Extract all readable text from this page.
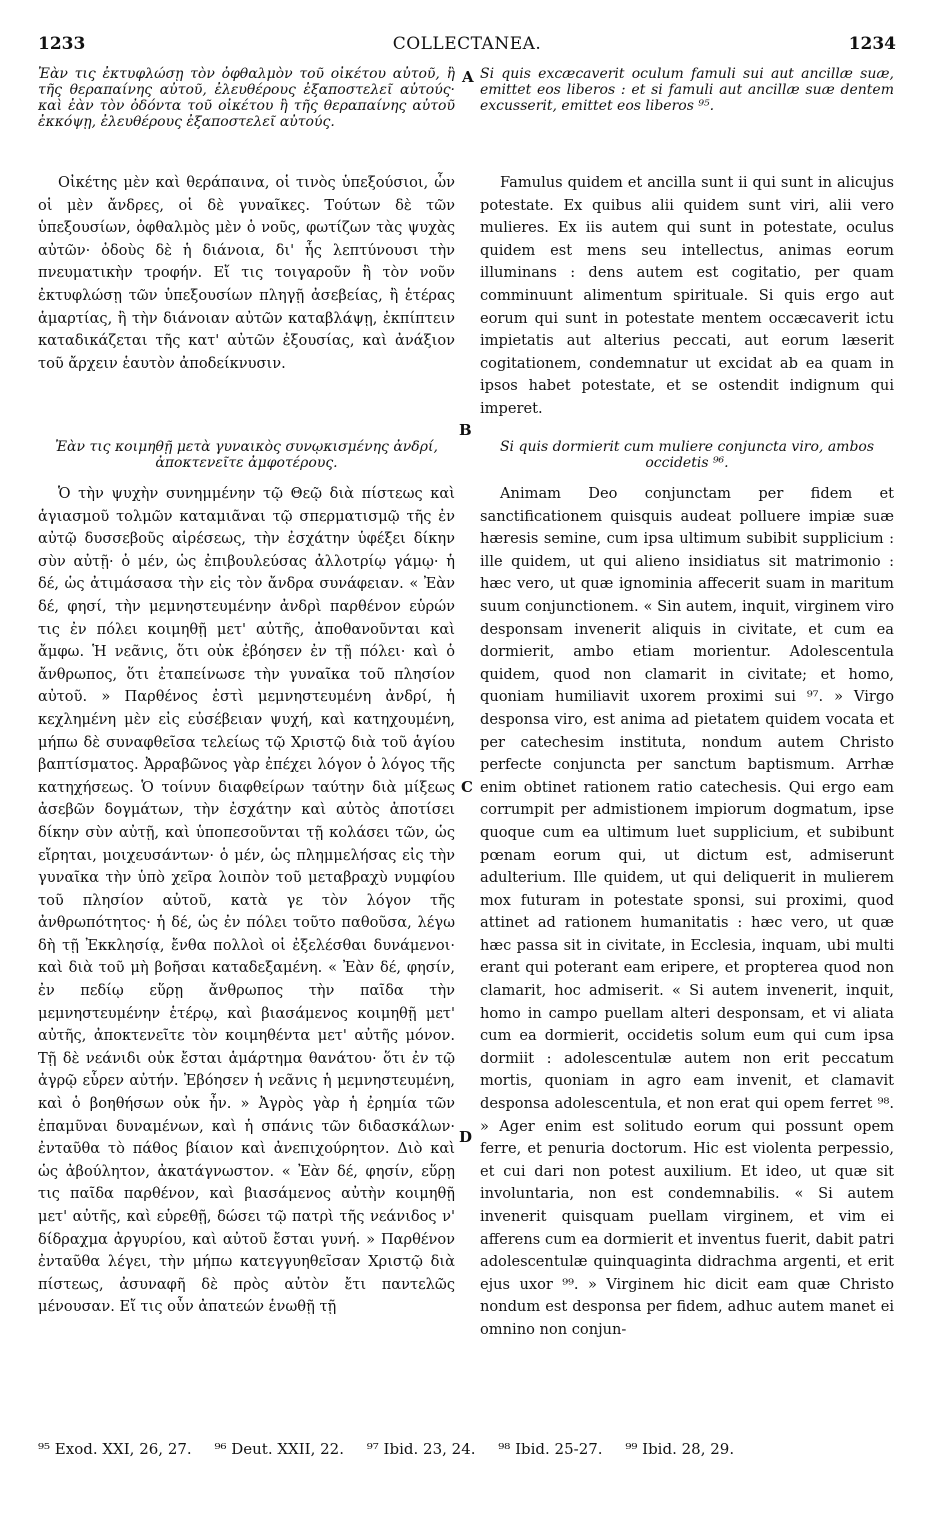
1233	COLLECTANEA.	1234

Ἐὰν τις ἐκτυφλώσῃ τὸν ὀφθαλμὸν τοῦ οἰκέτου αὐτοῦ, ἢ τῆς θεραπαίνης αὐτοῦ, ἐλευθέρους ἐξαποστελεῖ αὐτούς· καὶ ἐὰν τὸν ὀδόντα τοῦ οἰκέτου ἢ τῆς θεραπαίνης αὐτοῦ ἐκκόψῃ, ἐλευθέρους ἐξαποστελεῖ αὐτούς.

Οἰκέτης μὲν καὶ θεράπαινα, οἱ τινὸς ὑπεξούσιοι, ὧν οἱ μὲν ἄνδρες, οἱ δὲ γυναῖκες. Τούτων δὲ τῶν ὑπεξουσίων, ὀφθαλμὸς μὲν ὁ νοῦς, φωτίζων τὰς ψυχὰς αὐτῶν· ὀδοὺς δὲ ἡ διάνοια, δι' ἧς λεπτύνουσι τὴν πνευματικὴν τροφήν. Εἴ τις τοιγαροῦν ἢ τὸν νοῦν ἐκτυφλώσῃ τῶν ὑπεξουσίων πληγῇ ἀσεβείας, ἢ ἑτέρας ἁμαρτίας, ἢ τὴν διάνοιαν αὐτῶν καταβλάψῃ, ἐκπίπτειν καταδικάζεται τῆς κατ' αὐτῶν ἐξουσίας, καὶ ἀνάξιον τοῦ ἄρχειν ἑαυτὸν ἀποδείκνυσιν.

Ἐὰν τις κοιμηθῇ μετὰ γυναικὸς συνῳκισμένης ἀνδρί, ἀποκτενεῖτε ἀμφοτέρους.

Ὁ τὴν ψυχὴν συνημμένην τῷ Θεῷ διὰ πίστεως καὶ ἁγιασμοῦ τολμῶν καταμιᾶναι τῷ σπερματισμῷ τῆς ἐν αὐτῷ δυσσεβοῦς αἱρέσεως, τὴν ἐσχάτην ὑφέξει δίκην σὺν αὐτῇ· ὁ μέν, ὡς ἐπιβουλεύσας ἀλλοτρίῳ γάμῳ· ἡ δέ, ὡς ἀτιμάσασα τὴν εἰς τὸν ἄνδρα συνάφειαν. « Ἐὰν δέ, φησί, τὴν μεμνηστευμένην ἀνδρὶ παρθένον εὑρών τις ἐν πόλει κοιμηθῇ μετ' αὐτῆς, ἀποθανοῦνται καὶ ἄμφω. Ἡ νεᾶνις, ὅτι οὐκ ἐβόησεν ἐν τῇ πόλει· καὶ ὁ ἄνθρωπος, ὅτι ἐταπείνωσε τὴν γυναῖκα τοῦ πλησίον αὐτοῦ. » Παρθένος ἐστὶ μεμνηστευμένη ἀνδρί, ἡ κεχλημένη μὲν εἰς εὐσέβειαν ψυχή, καὶ κατηχουμένη, μήπω δὲ συναφθεῖσα τελείως τῷ Χριστῷ διὰ τοῦ ἁγίου βαπτίσματος. Ἀρραβῶνος γὰρ ἐπέχει λόγον ὁ λόγος τῆς κατηχήσεως. Ὁ τοίνυν διαφθείρων ταύτην διὰ μίξεως ἀσεβῶν δογμάτων, τὴν ἐσχάτην καὶ αὐτὸς ἀποτίσει δίκην σὺν αὐτῇ, καὶ ὑποπεσοῦνται τῇ κολάσει τῶν, ὡς εἴρηται, μοιχευσάντων· ὁ μέν, ὡς πλημμελήσας εἰς τὴν γυναῖκα τὴν ὑπὸ χεῖρα λοιπὸν τοῦ μεταβραχὺ νυμφίου τοῦ πλησίον αὐτοῦ, κατὰ γε τὸν λόγον τῆς ἀνθρωπότητος· ἡ δέ, ὡς ἐν πόλει τοῦτο παθοῦσα, λέγω δὴ τῇ Ἐκκλησίᾳ, ἔνθα πολλοὶ οἱ ἐξελέσθαι δυνάμενοι· καὶ διὰ τοῦ μὴ βοῆσαι καταδεξαμένη. « Ἐὰν δέ, φησίν, ἐν πεδίῳ εὕρῃ ἄνθρωπος τὴν παῖδα τὴν μεμνηστευμένην ἑτέρῳ, καὶ βιασάμενος κοιμηθῇ μετ' αὐτῆς, ἀποκτενεῖτε τὸν κοιμηθέντα μετ' αὐτῆς μόνον. Τῇ δὲ νεάνιδι οὐκ ἔσται ἁμάρτημα θανάτου· ὅτι ἐν τῷ ἀγρῷ εὗρεν αὐτήν. Ἐβόησεν ἡ νεᾶνις ἡ μεμνηστευμένη, καὶ ὁ βοηθήσων οὐκ ἦν. » Ἀγρὸς γὰρ ἡ ἐρημία τῶν ἐπαμῦναι δυναμένων, καὶ ἡ σπάνις τῶν διδασκάλων· ἐνταῦθα τὸ πάθος βίαιον καὶ ἀνεπιχούρητον. Διὸ καὶ ὡς ἀβούλητον, ἀκατάγνωστον. « Ἐὰν δέ, φησίν, εὕρῃ τις παῖδα παρθένον, καὶ βιασάμενος αὐτὴν κοιμηθῇ μετ' αὐτῆς, καὶ εὑρεθῇ, δώσει τῷ πατρὶ τῆς νεάνιδος ν' δίδραχμα ἀργυρίου, καὶ αὐτοῦ ἔσται γυνή. » Παρθένον ἐνταῦθα λέγει, τὴν μήπω κατεγγυηθεῖσαν Χριστῷ διὰ πίστεως, ἀσυναφῆ δὲ πρὸς αὐτὸν ἔτι παντελῶς μένουσαν. Εἴ τις οὖν ἀπατεών ἑνωθῇ τῇ

A
B
C
D

Si quis excæcaverit oculum famuli sui aut ancillæ suæ, emittet eos liberos : et si famuli aut ancillæ suæ dentem excusserit, emittet eos liberos ⁹⁵.

Famulus quidem et ancilla sunt ii qui sunt in alicujus potestate. Ex quibus alii quidem sunt viri, alii vero mulieres. Ex iis autem qui sunt in potestate, oculus quidem est mens seu intellectus, animas eorum illuminans : dens autem est cogitatio, per quam comminuunt alimentum spirituale. Si quis ergo aut eorum qui sunt in potestate mentem occæcaverit ictu impietatis aut alterius peccati, aut eorum læserit cogitationem, condemnatur ut excidat ab ea quam in ipsos habet potestate, et se ostendit indignum qui imperet.

Si quis dormierit cum muliere conjuncta viro, ambos occidetis ⁹⁶.

Animam Deo conjunctam per fidem et sanctificationem quisquis audeat polluere impiæ suæ hæresis semine, cum ipsa ultimum subibit supplicium : ille quidem, ut qui alieno insidiatus sit matrimonio : hæc vero, ut quæ ignominia affecerit suam in maritum suum conjunctionem. « Sin autem, inquit, virginem viro desponsam invenerit aliquis in civitate, et cum ea dormierit, ambo etiam morientur. Adolescentula quidem, quod non clamarit in civitate; et homo, quoniam humiliavit uxorem proximi sui ⁹⁷. » Virgo desponsa viro, est anima ad pietatem quidem vocata et per catechesim instituta, nondum autem Christo perfecte conjuncta per sanctum baptismum. Arrhæ enim obtinet rationem ratio catechesis. Qui ergo eam corrumpit per admistionem impiorum dogmatum, ipse quoque cum ea ultimum luet supplicium, et subibunt pœnam eorum qui, ut dictum est, admiserunt adulterium. Ille quidem, ut qui deliquerit in mulierem mox futuram in potestate sponsi, sui proximi, quod attinet ad rationem humanitatis : hæc vero, ut quæ hæc passa sit in civitate, in Ecclesia, inquam, ubi multi erant qui poterant eam eripere, et propterea quod non clamarit, hoc admiserit. « Si autem invenerit, inquit, homo in campo puellam alteri desponsam, et vi aliata cum ea dormierit, occidetis solum eum qui cum ipsa dormiit : adolescentulæ autem non erit peccatum mortis, quoniam in agro eam invenit, et clamavit desponsa adolescentula, et non erat qui opem ferret ⁹⁸. » Ager enim est solitudo eorum qui possunt opem ferre, et penuria doctorum. Hic est violenta perpessio, et cui dari non potest auxilium. Et ideo, ut quæ sit involuntaria, non est condemnabilis. « Si autem invenerit quisquam puellam virginem, et vim ei afferens cum ea dormierit et inventus fuerit, dabit patri adolescentulæ quinquaginta didrachma argenti, et erit ejus uxor ⁹⁹. » Virginem hic dicit eam quæ Christo nondum est desponsa per fidem, adhuc autem manet ei omnino non conjun-

⁹⁵ Exod. XXI, 26, 27. ⁹⁶ Deut. XXII, 22. ⁹⁷ Ibid. 23, 24. ⁹⁸ Ibid. 25-27. ⁹⁹ Ibid. 28, 29.
